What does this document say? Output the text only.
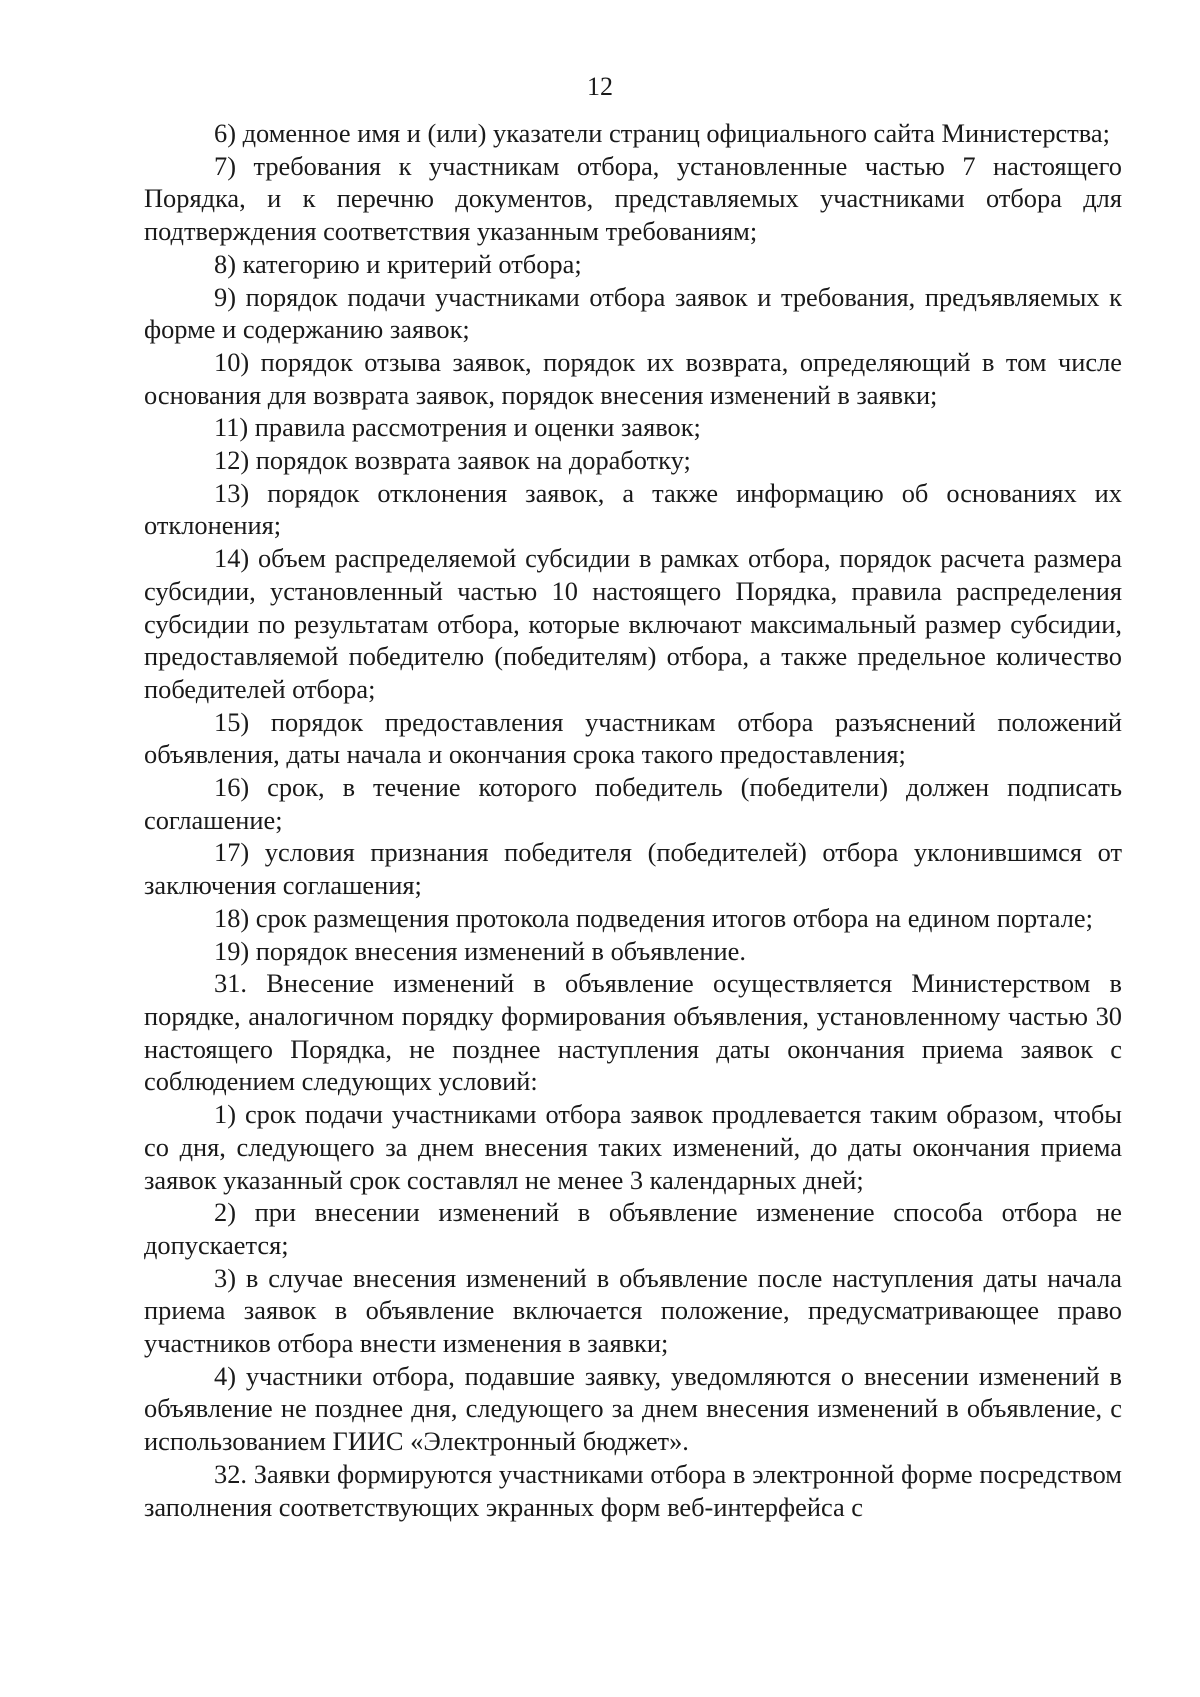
12

6) доменное имя и (или) указатели страниц официального сайта Министерства;

7) требования к участникам отбора, установленные частью 7 настоящего Порядка, и к перечню документов, представляемых участниками отбора для подтверждения соответствия указанным требованиям;

8) категорию и критерий отбора;

9) порядок подачи участниками отбора заявок и требования, предъявляемых к форме и содержанию заявок;

10) порядок отзыва заявок, порядок их возврата, определяющий в том числе основания для возврата заявок, порядок внесения изменений в заявки;

11) правила рассмотрения и оценки заявок;

12) порядок возврата заявок на доработку;

13) порядок отклонения заявок, а также информацию об основаниях их отклонения;

14) объем распределяемой субсидии в рамках отбора, порядок расчета размера субсидии, установленный частью 10 настоящего Порядка, правила распределения субсидии по результатам отбора, которые включают максимальный размер субсидии, предоставляемой победителю (победителям) отбора, а также предельное количество победителей отбора;

15) порядок предоставления участникам отбора разъяснений положений объявления, даты начала и окончания срока такого предоставления;

16) срок, в течение которого победитель (победители) должен подписать соглашение;

17) условия признания победителя (победителей) отбора уклонившимся от заключения соглашения;

18) срок размещения протокола подведения итогов отбора на едином портале;

19) порядок внесения изменений в объявление.

31. Внесение изменений в объявление осуществляется Министерством в порядке, аналогичном порядку формирования объявления, установленному частью 30 настоящего Порядка, не позднее наступления даты окончания приема заявок с соблюдением следующих условий:

1) срок подачи участниками отбора заявок продлевается таким образом, чтобы со дня, следующего за днем внесения таких изменений, до даты окончания приема заявок указанный срок составлял не менее 3 календарных дней;

2) при внесении изменений в объявление изменение способа отбора не допускается;

3) в случае внесения изменений в объявление после наступления даты начала приема заявок в объявление включается положение, предусматривающее право участников отбора внести изменения в заявки;

4) участники отбора, подавшие заявку, уведомляются о внесении изменений в объявление не позднее дня, следующего за днем внесения изменений в объявление, с использованием ГИИС «Электронный бюджет».

32. Заявки формируются участниками отбора в электронной форме посредством заполнения соответствующих экранных форм веб-интерфейса с
